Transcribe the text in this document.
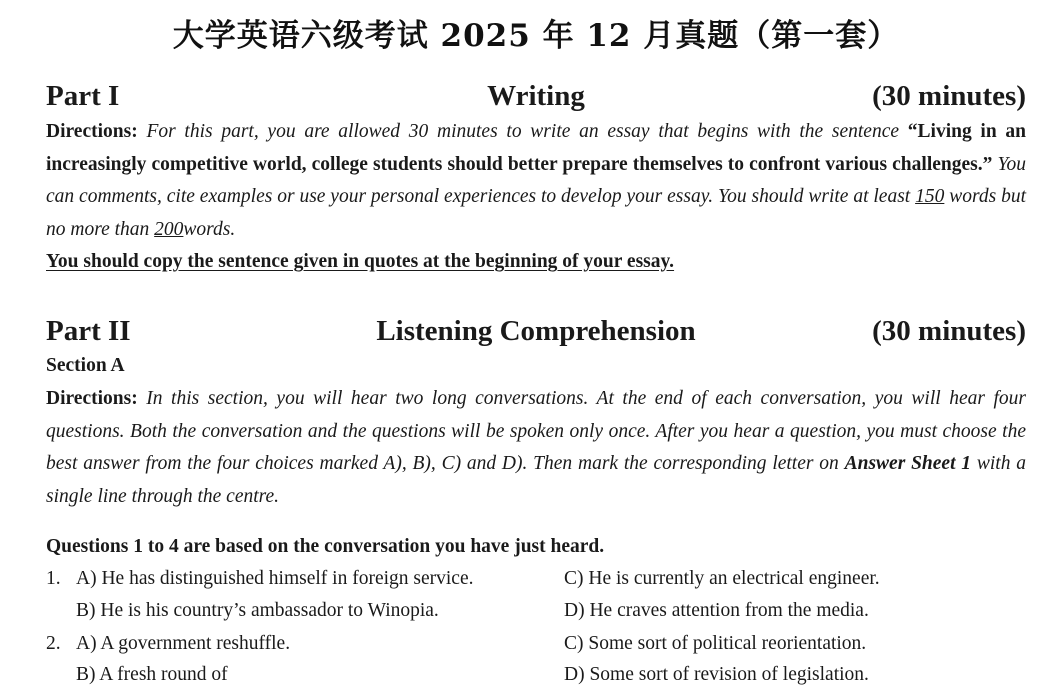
大学英语六级考试 2025 年 12 月真题（第一套）
Part I	Writing	(30 minutes)
Directions: For this part, you are allowed 30 minutes to write an essay that begins with the sentence “Living in an increasingly competitive world, college students should better prepare themselves to confront various challenges.” You can comments, cite examples or use your personal experiences to develop your essay. You should write at least 150 words but no more than 200words.
You should copy the sentence given in quotes at the beginning of your essay.
Part II	Listening Comprehension	(30 minutes)
Section A
Directions: In this section, you will hear two long conversations. At the end of each conversation, you will hear four questions. Both the conversation and the questions will be spoken only once. After you hear a question, you must choose the best answer from the four choices marked A), B), C) and D). Then mark the corresponding letter on Answer Sheet 1 with a single line through the centre.
Questions 1 to 4 are based on the conversation you have just heard.
1. A) He has distinguished himself in foreign service.	C) He is currently an electrical engineer.
B) He is his country’s ambassador to Winopia.	D) He craves attention from the media.
2. A) A government reshuffle.	C) Some sort of political reorientation.
B) A fresh round of	D) Some sort of revision of legislation.
